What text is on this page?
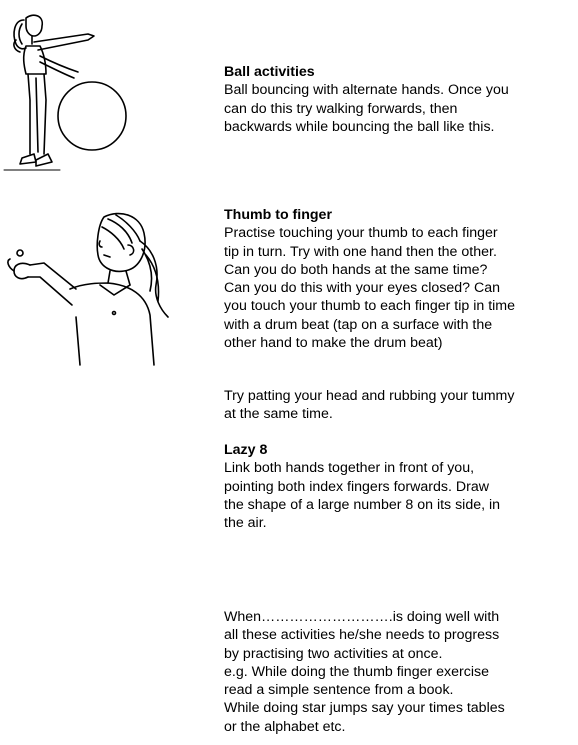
Ball activities

Ball bouncing with alternate hands. Once you
can do this try walking forwards, then
backwards while bouncing the ball like this.

Thumb to finger

Practise touching your thumb to each finger
tip in turn. Try with one hand then the other.
Can you do both hands at the same time?
Can you do this with your eyes closed? Can
you touch your thumb to each finger tip in time
with a drum beat (tap on a surface with the
other hand to make the drum beat)

Try patting your head and rubbing your tummy
at the same time.

Lazy 8

Link both hands together in front of you,
pointing both index fingers forwards. Draw
the shape of a large number 8 on its side, in
the air.

When……………………….is doing well with
all these activities he/she needs to progress
by practising two activities at once.
e.g. While doing the thumb finger exercise
read a simple sentence from a book.
While doing star jumps say your times tables
or the alphabet etc.
